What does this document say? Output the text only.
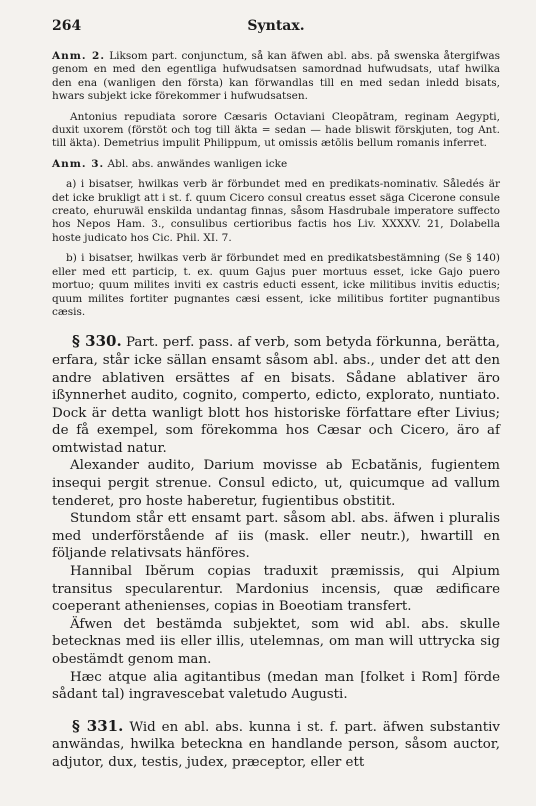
264	Syntax.

Anm. 2. Liksom part. conjunctum, så kan äfwen abl. abs. på swenska återgifwas genom en med den egentliga hufwudsatsen samordnad hufwudsats, utaf hwilka den ena (wanligen den första) kan förwandlas till en med sedan inledd bisats, hwars subjekt icke förekommer i hufwudsatsen.

Antonius repudiata sorore Cæsaris Octaviani Cleopātram, reginam Aegypti, duxit uxorem (förstöt och tog till äkta = sedan — hade bliswit förskjuten, tog Ant. till äkta). Demetrius impulit Philippum, ut omissis ætōlis bellum romanis inferret.

Anm. 3. Abl. abs. anwändes wanligen icke

a) i bisatser, hwilkas verb är förbundet med en predikats-nominativ. Såledés är det icke brukligt att i st. f. quum Cicero consul creatus esset säga Cicerone consule creato, ehuruwäl enskilda undantag finnas, såsom Hasdrubale imperatore suffecto hos Nepos Ham. 3., consulibus certioribus factis hos Liv. XXXXV. 21, Dolabella hoste judicato hos Cic. Phil. XI. 7.

b) i bisatser, hwilkas verb är förbundet med en predikatsbestämning (Se § 140) eller med ett particip, t. ex. quum Gajus puer mortuus esset, icke Gajo puero mortuo; quum milites inviti ex castris educti essent, icke militibus invitis eductis; quum milites fortiter pugnantes cæsi essent, icke militibus fortiter pugnantibus cæsis.

§ 330. Part. perf. pass. af verb, som betyda förkunna, berätta, erfara, står icke sällan ensamt såsom abl. abs., under det att den andre ablativen ersättes af en bisats. Sådane ablativer äro ißynnerhet audito, cognito, comperto, edicto, explorato, nuntiato. Dock är detta wanligt blott hos historiske författare efter Livius; de få exempel, som förekomma hos Cæsar och Cicero, äro af omtwistad natur.

Alexander audito, Darium movisse ab Ecbatănis, fugientem insequi pergit strenue. Consul edicto, ut, quicumque ad vallum tenderet, pro hoste haberetur, fugientibus obstitit.

Stundom står ett ensamt part. såsom abl. abs. äfwen i pluralis med underförstående af iis (mask. eller neutr.), hwartill en följande relativsats hänföres.

Hannibal Ibĕrum copias traduxit præmissis, qui Alpium transitus specularentur. Mardonius incensis, quæ ædificare coeperant athenienses, copias in Boeotiam transfert.

Äfwen det bestämda subjektet, som wid abl. abs. skulle betecknas med iis eller illis, utelemnas, om man will uttrycka sig obestämdt genom man.

Hæc atque alia agitantibus (medan man [folket i Rom] förde sådant tal) ingravescebat valetudo Augusti.

§ 331. Wid en abl. abs. kunna i st. f. part. äfwen substantiv anwändas, hwilka beteckna en handlande person, såsom auctor, adjutor, dux, testis, judex, præceptor, eller ett
